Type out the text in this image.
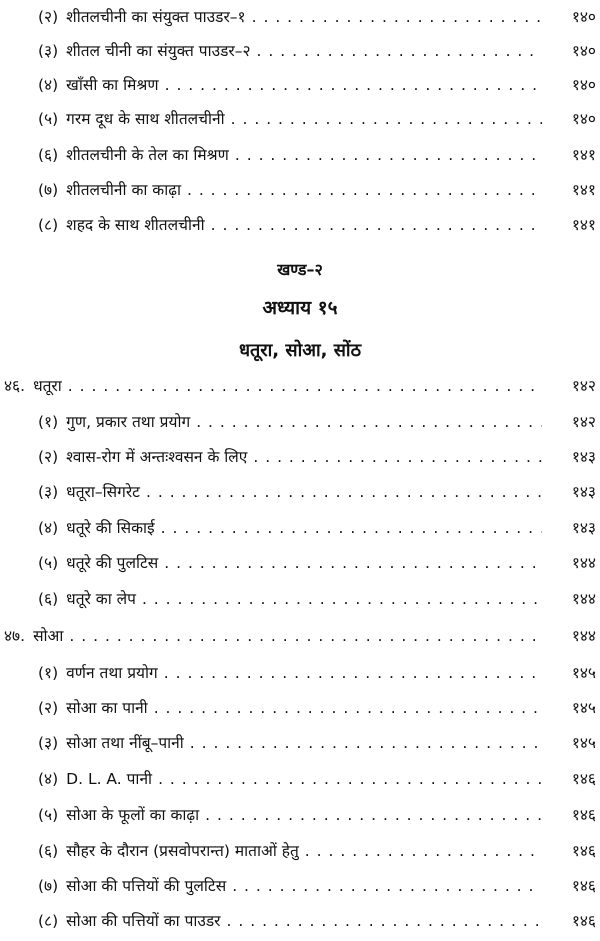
(२) शीतलचीनी का संयुक्त पाउडर–१ . . .	१४०
(३) शीतल चीनी का संयुक्त पाउडर–२ . . .	१४०
(४) खाँसी का मिश्रण . . .	१४०
(५) गरम दूध के साथ शीतलचीनी . . .	१४०
(६) शीतलचीनी के तेल का मिश्रण . . .	१४१
(७) शीतलचीनी का काढ़ा . . .	१४१
(८) शहद के साथ शीतलचीनी . . .	१४१
खण्ड–२
अध्याय १५
धतूरा, सोआ, सोंठ
४६. धतूरा . . .	१४२
(१) गुण, प्रकार तथा प्रयोग . . .	१४२
(२) श्वास-रोग में अन्तःश्वसन के लिए . . .	१४३
(३) धतूरा–सिगरेट . . .	१४३
(४) धतूरे की सिकाई . . .	१४३
(५) धतूरे की पुलटिस . . .	१४४
(६) धतूरे का लेप . . .	१४४
४७. सोआ . . .	१४४
(१) वर्णन तथा प्रयोग . . .	१४५
(२) सोआ का पानी . . .	१४५
(३) सोआ तथा नींबू–पानी . . .	१४५
(४) D. L. A. पानी . . .	१४६
(५) सोआ के फूलों का काढ़ा . . .	१४६
(६) सौहर के दौरान (प्रसवोपरान्त) माताओं हेतु . . .	१४६
(७) सोआ की पत्तियों की पुलटिस . . .	१४६
(८) सोआ की पत्तियों का पाउडर . . .	१४६
